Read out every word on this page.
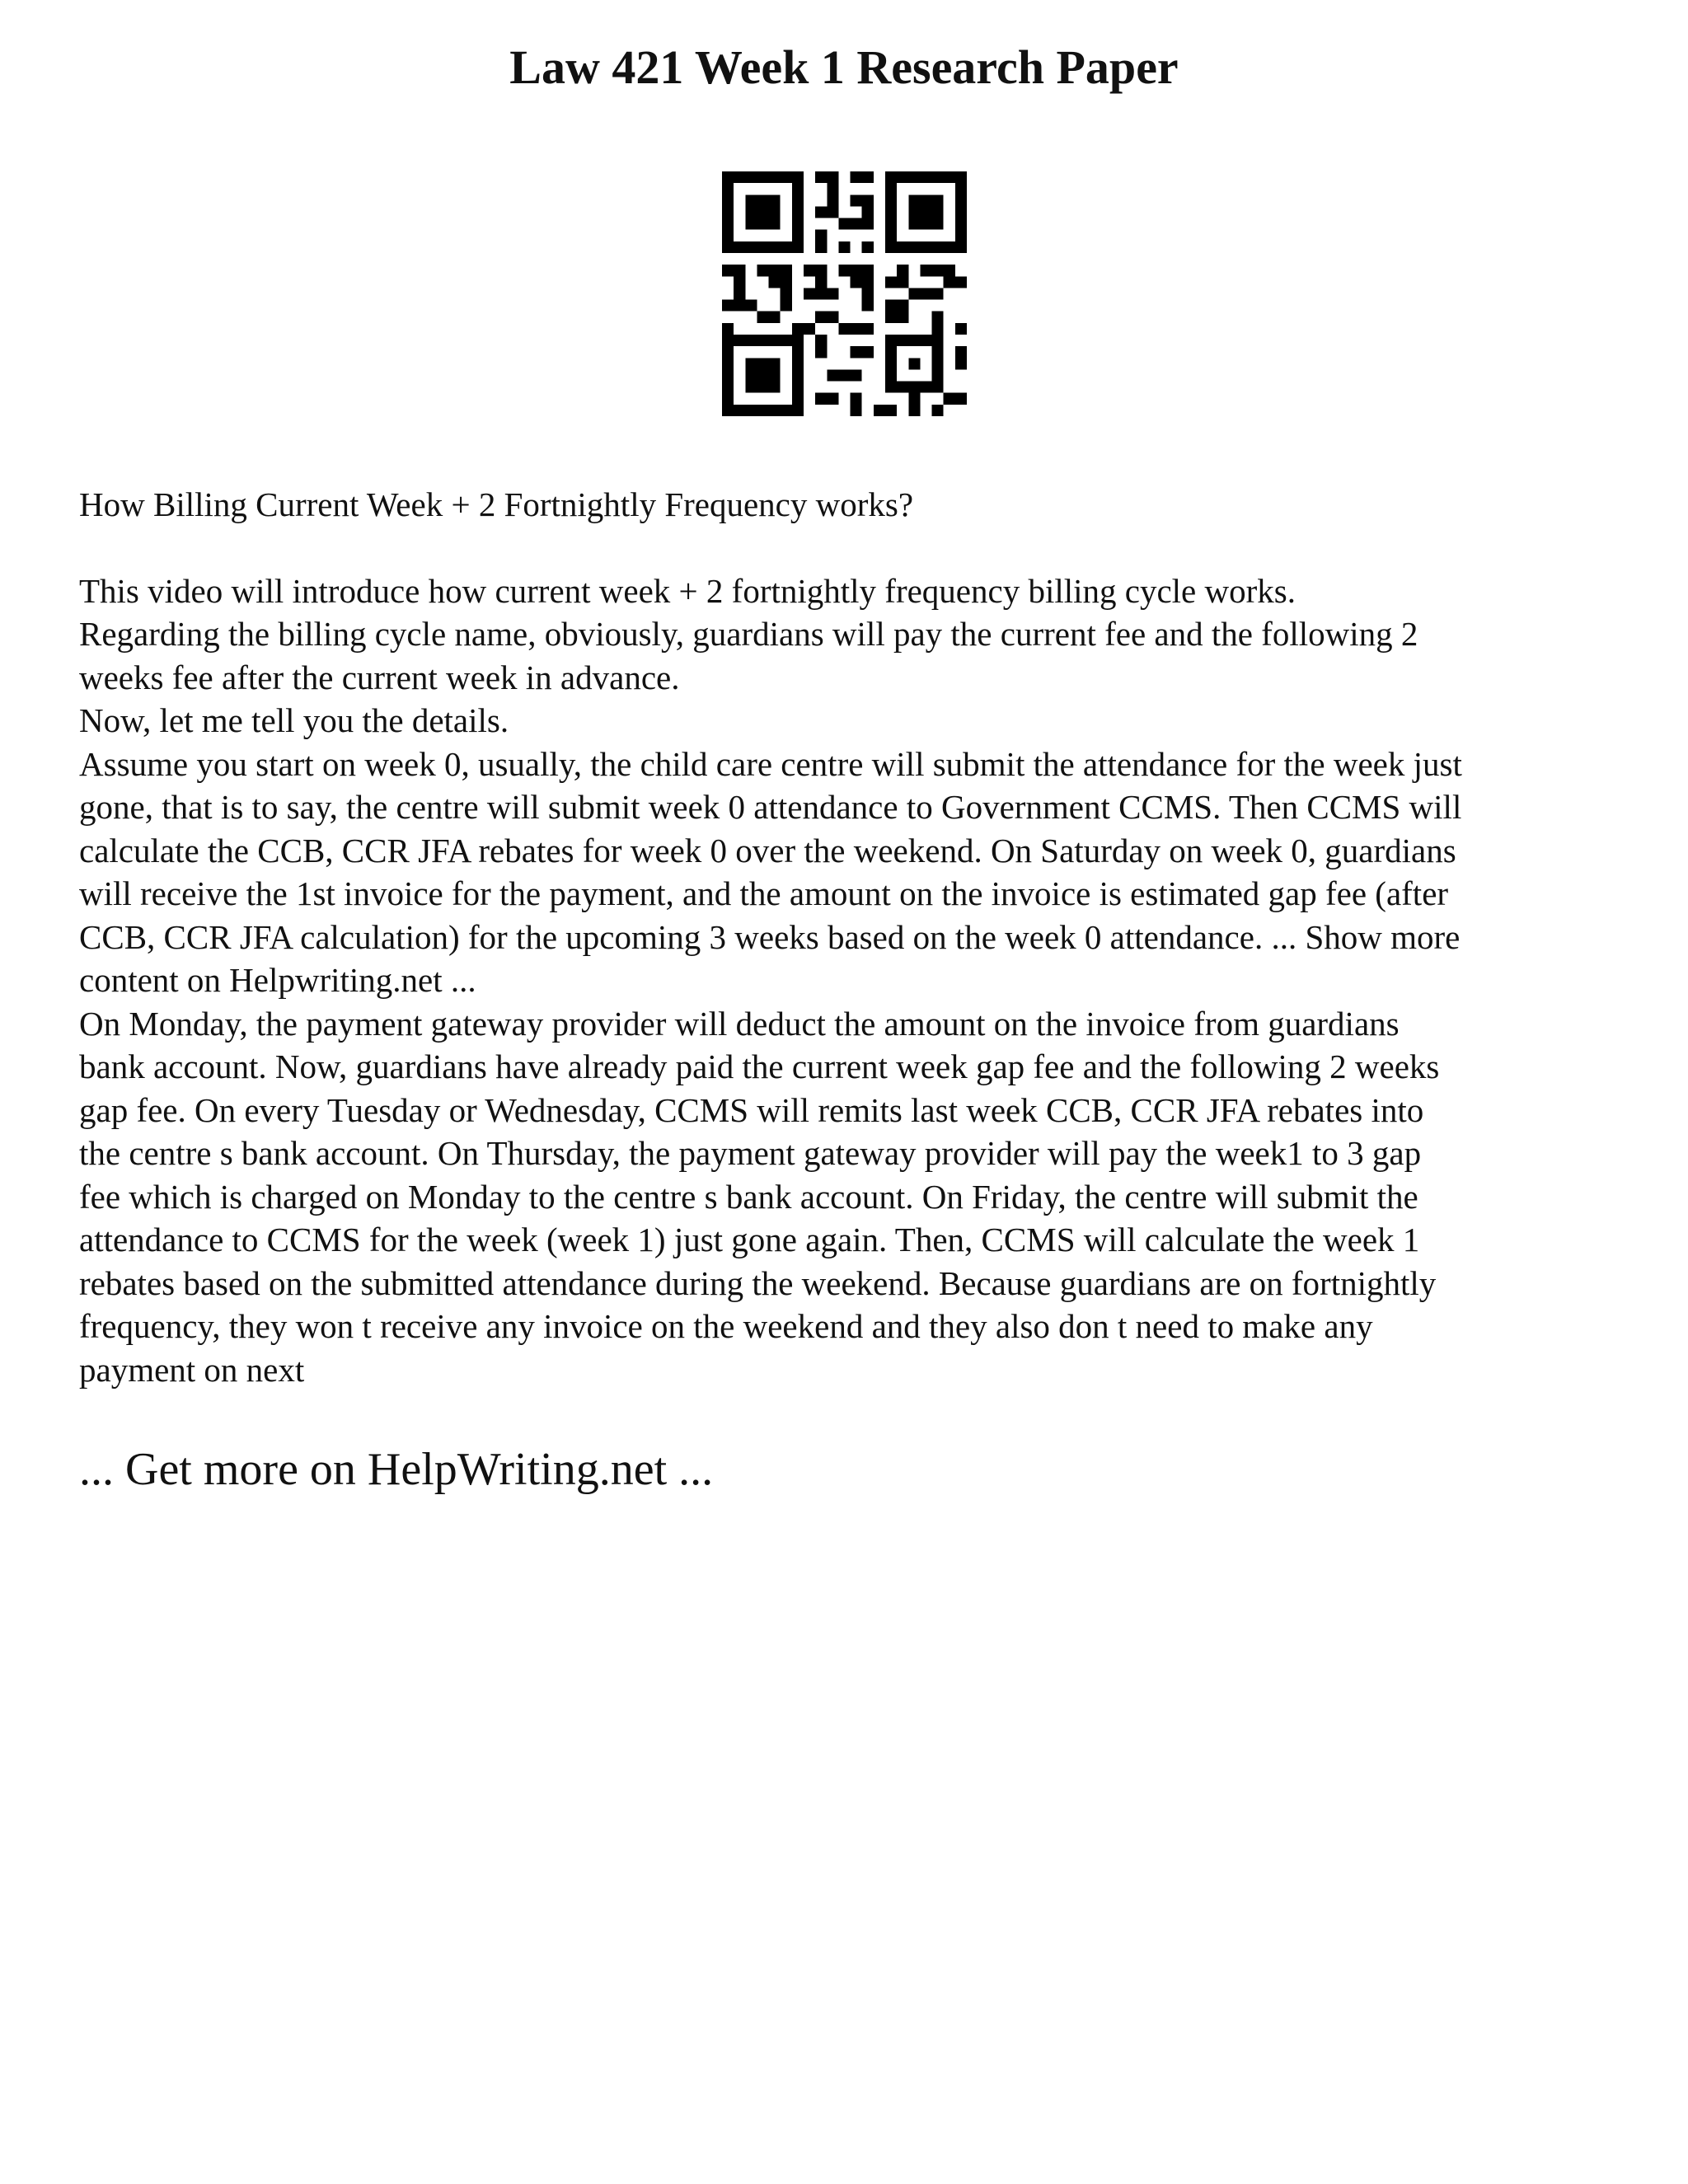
Law 421 Week 1 Research Paper

How Billing Current Week + 2 Fortnightly Frequency works?

This video will introduce how current week + 2 fortnightly frequency billing cycle works.
Regarding the billing cycle name, obviously, guardians will pay the current fee and the following 2
weeks fee after the current week in advance.
Now, let me tell you the details.
Assume you start on week 0, usually, the child care centre will submit the attendance for the week just
gone, that is to say, the centre will submit week 0 attendance to Government CCMS. Then CCMS will
calculate the CCB, CCR JFA rebates for week 0 over the weekend. On Saturday on week 0, guardians
will receive the 1st invoice for the payment, and the amount on the invoice is estimated gap fee (after
CCB, CCR JFA calculation) for the upcoming 3 weeks based on the week 0 attendance. ... Show more
content on Helpwriting.net ...

On Monday, the payment gateway provider will deduct the amount on the invoice from guardians
bank account. Now, guardians have already paid the current week gap fee and the following 2 weeks
gap fee. On every Tuesday or Wednesday, CCMS will remits last week CCB, CCR JFA rebates into
the centre s bank account. On Thursday, the payment gateway provider will pay the week1 to 3 gap
fee which is charged on Monday to the centre s bank account. On Friday, the centre will submit the
attendance to CCMS for the week (week 1) just gone again. Then, CCMS will calculate the week 1
rebates based on the submitted attendance during the weekend. Because guardians are on fortnightly
frequency, they won t receive any invoice on the weekend and they also don t need to make any
payment on next

... Get more on HelpWriting.net ...
